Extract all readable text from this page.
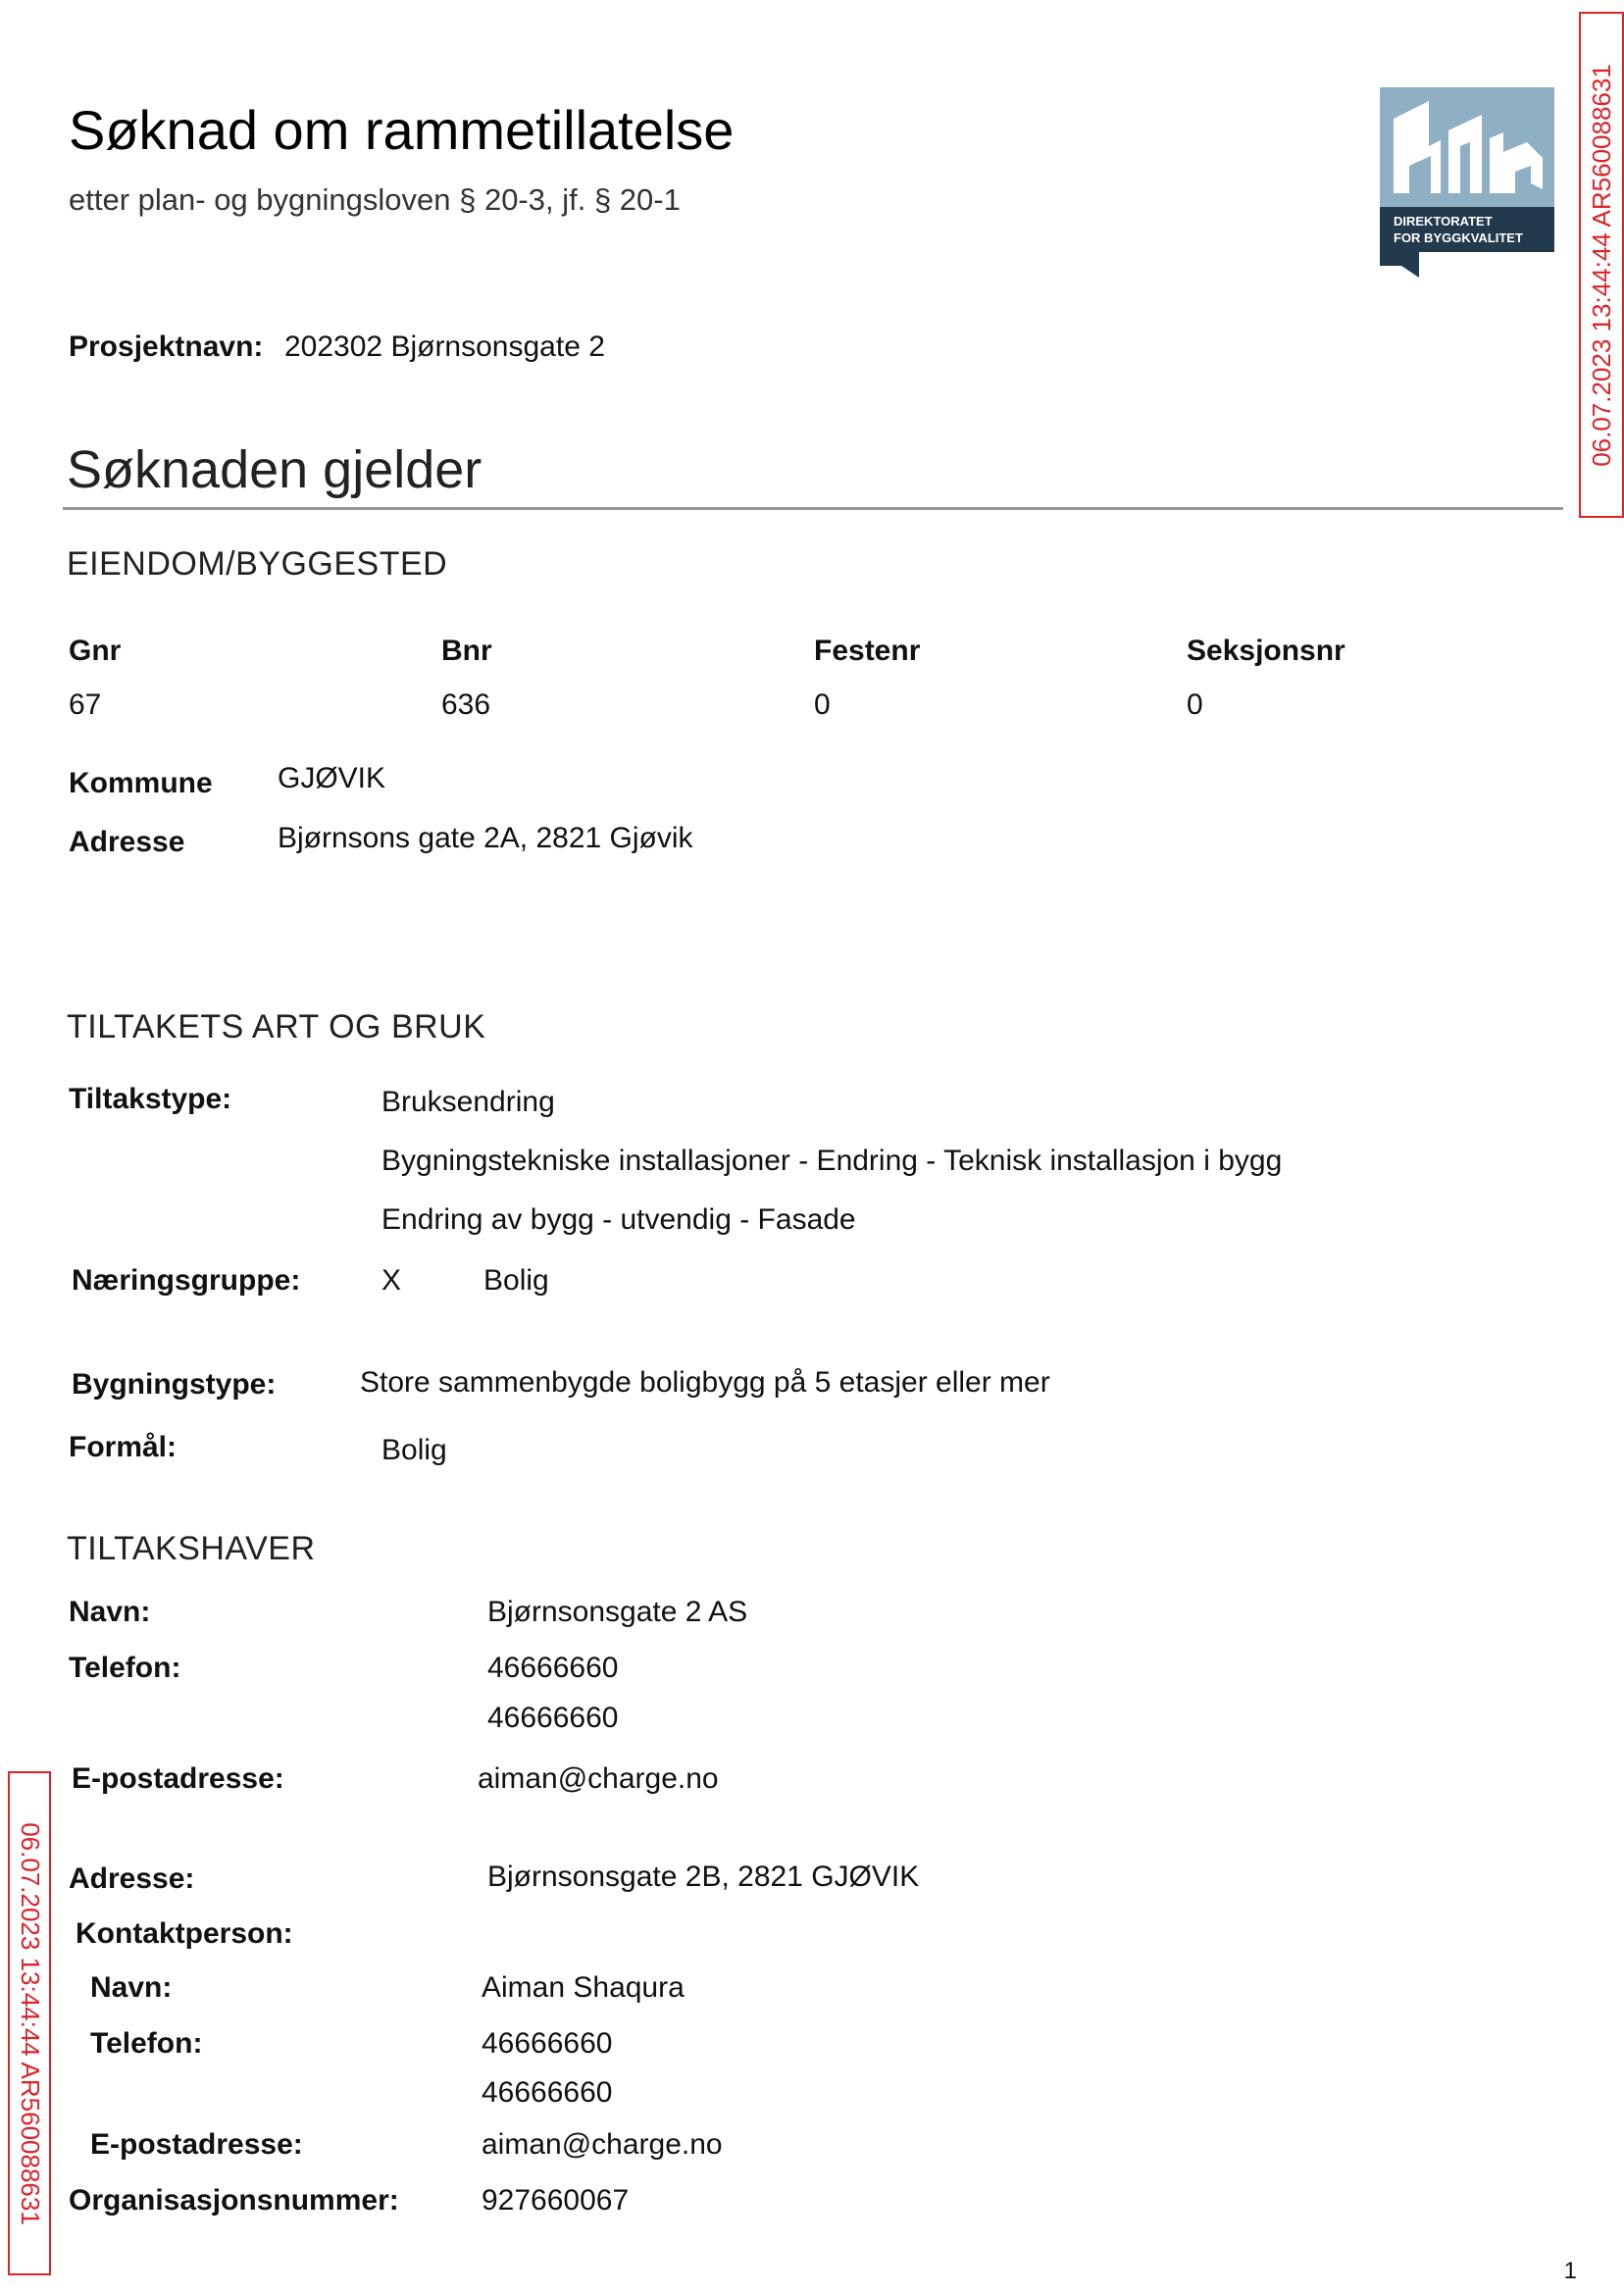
Søknad om rammetillatelse
etter plan- og bygningsloven § 20-3, jf. § 20-1
DIREKTORATET
FOR BYGGKVALITET 06.07.2023 13:44:44 AR560088631
Prosjektnavn: 202302 Bjørnsonsgate 2
Søknaden gjelder
EIENDOM/BYGGESTED
Gnr	Bnr	Festenr	Seksjonsnr
67	636	0	0
Kommune GJØVIK
Adresse	Bjørnsons gate 2A, 2821 Gjøvik
TILTAKETS ART OG BRUK
Tiltakstype:	Bruksendring
Bygningstekniske installasjoner - Endring - Teknisk installasjon i bygg
Endring av bygg - utvendig - Fasade
Næringsgruppe:	X	Bolig
Bygningstype:	Store sammenbygde boligbygg på 5 etasjer eller mer
Formål:	Bolig
TILTAKSHAVER
Navn:	Bjørnsonsgate 2 AS
Telefon:	46666660
46666660
E-postadresse:	aiman@charge.no
Adresse:	Bjørnsonsgate 2B, 2821 GJØVIK
Kontaktperson:
Navn:	Aiman Shaqura
Telefon:	46666660
46666660
E-postadresse:	aiman@charge.no
Organisasjonsnummer:	927660067
06.07.2023 13:44:44 AR560088631
1
